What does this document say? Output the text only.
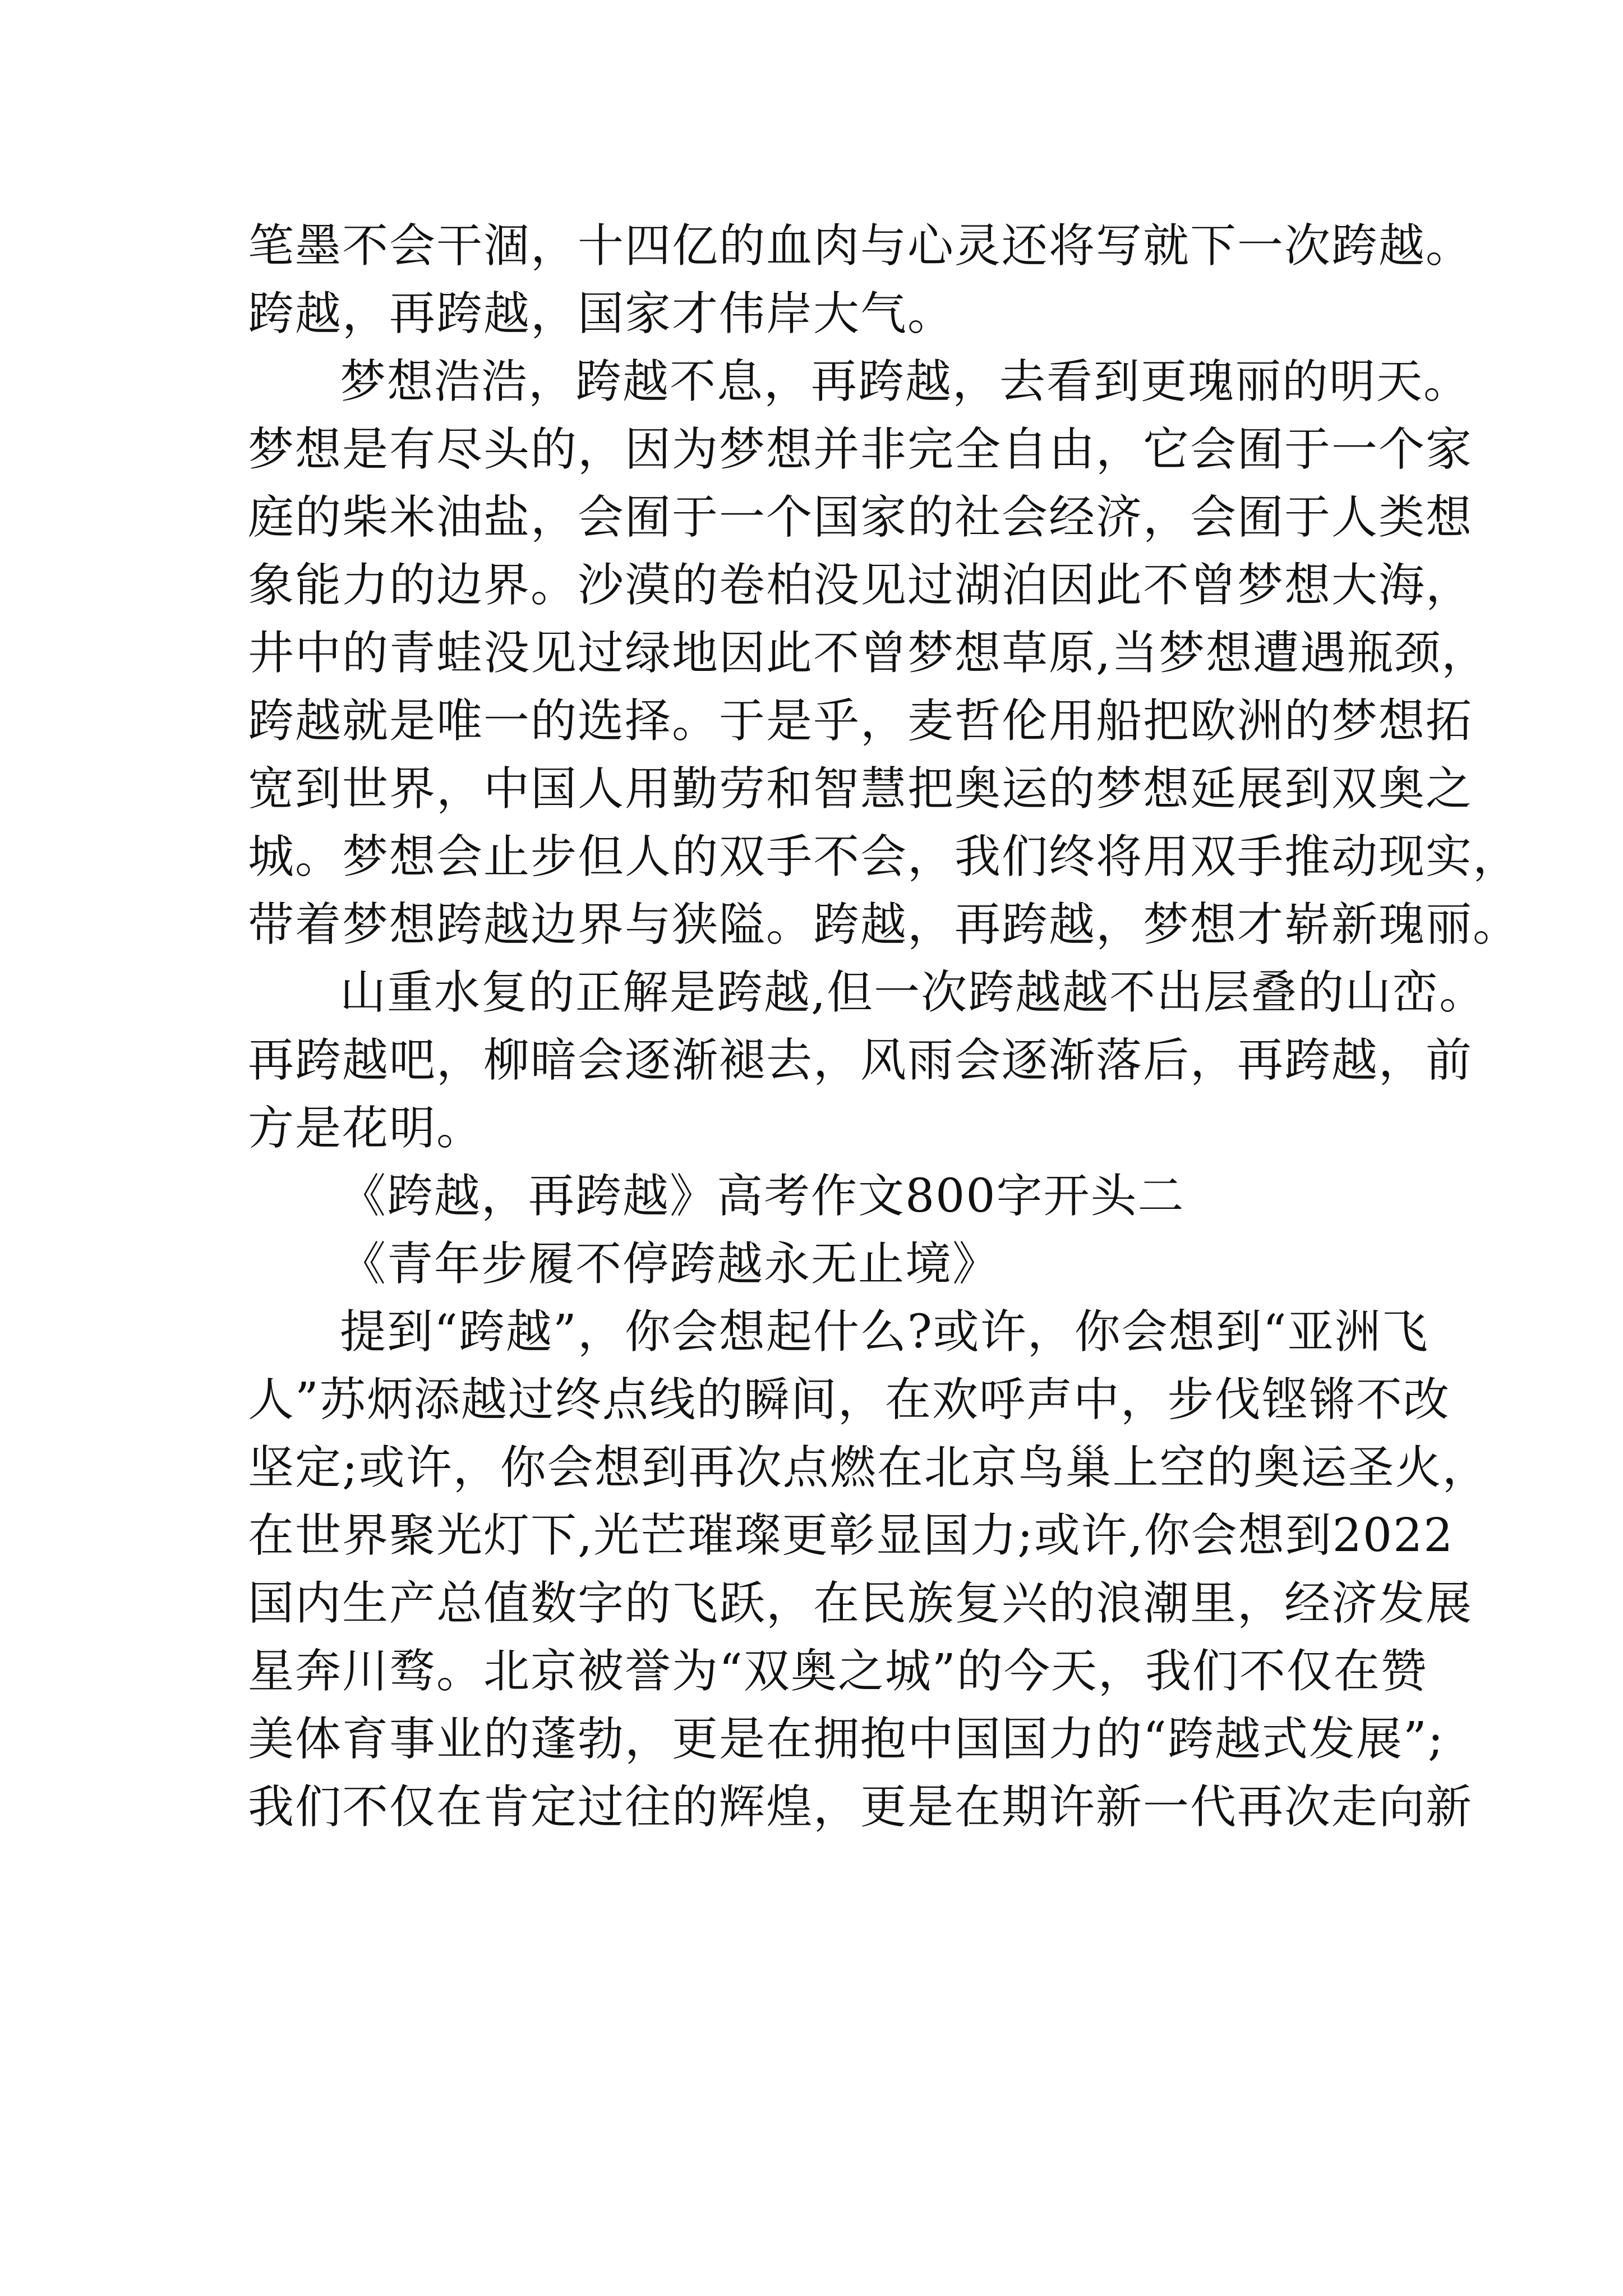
笔墨不会干涸，十四亿的血肉与心灵还将写就下一次跨越。
跨越，再跨越，国家才伟岸大气。
梦想浩浩，跨越不息，再跨越，去看到更瑰丽的明天。
梦想是有尽头的，因为梦想并非完全自由，它会囿于一个家
庭的柴米油盐，会囿于一个国家的社会经济，会囿于人类想
象能力的边界。沙漠的卷柏没见过湖泊因此不曾梦想大海，
井中的青蛙没见过绿地因此不曾梦想草原,当梦想遭遇瓶颈，
跨越就是唯一的选择。于是乎，麦哲伦用船把欧洲的梦想拓
宽到世界，中国人用勤劳和智慧把奥运的梦想延展到双奥之
城。梦想会止步但人的双手不会，我们终将用双手推动现实，
带着梦想跨越边界与狭隘。跨越，再跨越，梦想才崭新瑰丽。
山重水复的正解是跨越,但一次跨越越不出层叠的山峦。
再跨越吧，柳暗会逐渐褪去，风雨会逐渐落后，再跨越，前
方是花明。
《跨越，再跨越》高考作文800字开头二
《青年步履不停跨越永无止境》
提到“跨越”，你会想起什么?或许，你会想到“亚洲飞
人”苏炳添越过终点线的瞬间，在欢呼声中，步伐铿锵不改
坚定;或许，你会想到再次点燃在北京鸟巢上空的奥运圣火，
在世界聚光灯下,光芒璀璨更彰显国力;或许,你会想到2022
国内生产总值数字的飞跃，在民族复兴的浪潮里，经济发展
星奔川骛。北京被誉为“双奥之城”的今天，我们不仅在赞
美体育事业的蓬勃，更是在拥抱中国国力的“跨越式发展”;
我们不仅在肯定过往的辉煌，更是在期许新一代再次走向新
